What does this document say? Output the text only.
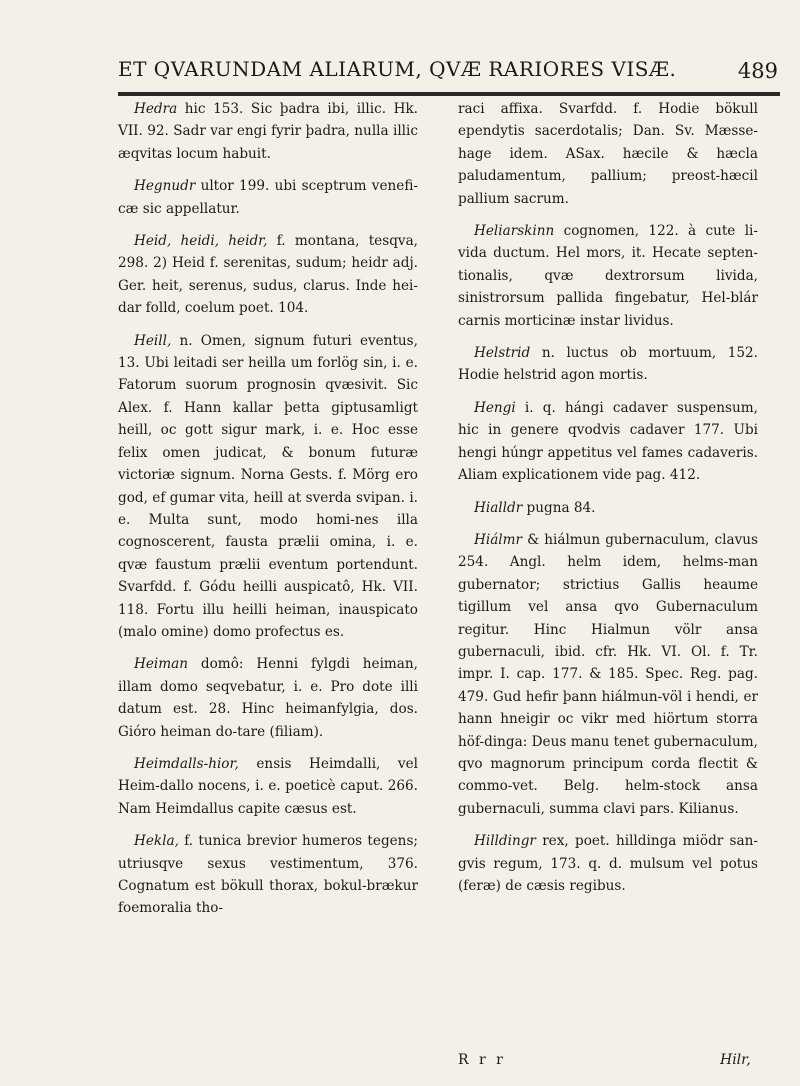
ET QVARUNDAM ALIARUM, QVÆ RARIORES VISÆ.	489

Hedra hic 153. Sic þadra ibi, illic. Hk. VII. 92. Sadr var engi fyrir þadra, nulla illic æqvitas locum habuit.

Hegnudr ultor 199. ubi sceptrum venefi-cæ sic appellatur.

Heid, heidi, heidr, f. montana, tesqva, 298. 2) Heid f. serenitas, sudum; heidr adj. Ger. heit, serenus, sudus, clarus. Inde hei-dar folld, coelum poet. 104.

Heill, n. Omen, signum futuri eventus, 13. Ubi leitadi ser heilla um forlög sin, i. e. Fatorum suorum prognosin qvæsivit. Sic Alex. f. Hann kallar þetta giptusamligt heill, oc gott sigur mark, i. e. Hoc esse felix omen judicat, & bonum futuræ victoriæ signum. Norna Gests. f. Mörg ero god, ef gumar vita, heill at sverda svipan. i. e. Multa sunt, modo homi-nes illa cognoscerent, fausta prælii omina, i. e. qvæ faustum prælii eventum portendunt. Svarfdd. f. Gódu heilli auspicatô, Hk. VII. 118. Fortu illu heilli heiman, inauspicato (malo omine) domo profectus es.

Heiman domô: Henni fylgdi heiman, illam domo seqvebatur, i. e. Pro dote illi datum est. 28. Hinc heimanfylgia, dos. Gióro heiman do-tare (filiam).

Heimdalls-hior, ensis Heimdalli, vel Heim-dallo nocens, i. e. poeticè caput. 266. Nam Heimdallus capite cæsus est.

Hekla, f. tunica brevior humeros tegens; utriusqve sexus vestimentum, 376. Cognatum est bökull thorax, bokul-brækur foemoralia tho-

raci affixa. Svarfdd. f. Hodie bökull ependytis sacerdotalis; Dan. Sv. Mæsse-hage idem. ASax. hæcile & hæcla paludamentum, pallium; preost-hæcil pallium sacrum.

Heliarskinn cognomen, 122. à cute li-vida ductum. Hel mors, it. Hecate septen-tionalis, qvæ dextrorsum livida, sinistrorsum pallida fingebatur, Hel-blár carnis morticinæ instar lividus.

Helstrid n. luctus ob mortuum, 152. Hodie helstrid agon mortis.

Hengi i. q. hángi cadaver suspensum, hic in genere qvodvis cadaver 177. Ubi hengi húngr appetitus vel fames cadaveris. Aliam explicationem vide pag. 412.

Hialldr pugna 84.

Hiálmr & hiálmun gubernaculum, clavus 254. Angl. helm idem, helms-man gubernator; strictius Gallis heaume tigillum vel ansa qvo Gubernaculum regitur. Hinc Hialmun völr ansa gubernaculi, ibid. cfr. Hk. VI. Ol. f. Tr. impr. I. cap. 177. & 185. Spec. Reg. pag. 479. Gud hefir þann hiálmun-völ i hendi, er hann hneigir oc vikr med hiörtum storra höf-dinga: Deus manu tenet gubernaculum, qvo magnorum principum corda flectit & commo-vet. Belg. helm-stock ansa gubernaculi, summa clavi pars. Kilianus.

Hilldingr rex, poet. hilldinga miödr san-gvis regum, 173. q. d. mulsum vel potus (feræ) de cæsis regibus.

R r r	Hilr,
